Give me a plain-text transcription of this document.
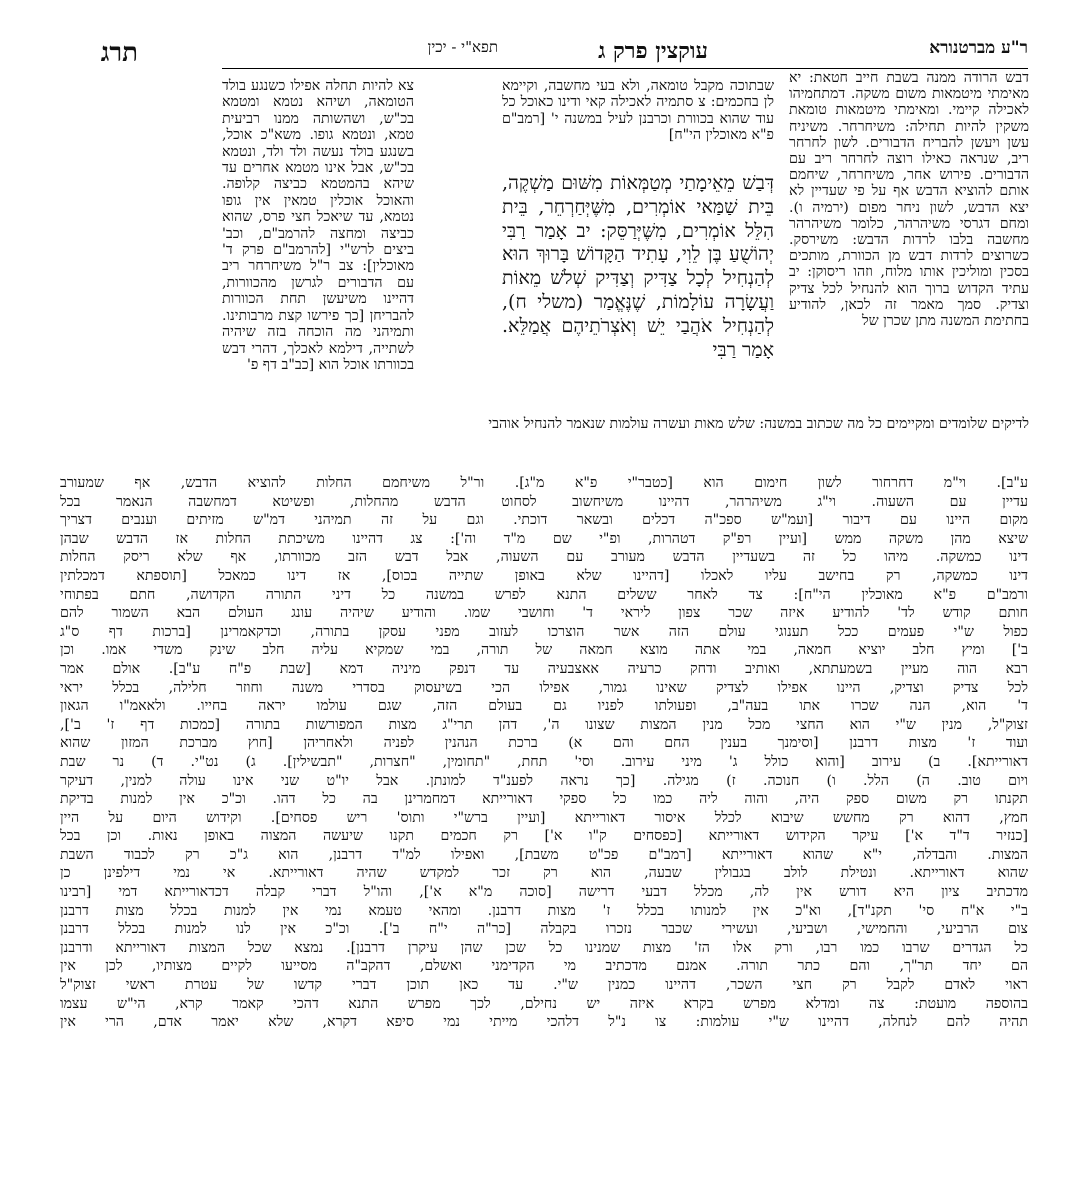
ר"ע מברטנורא
עוקצין פרק ג
תפא"י - יכין
תרג
דבש הרודה ממנה בשבת חייב חטאת: יא מאימתי מיטמאות משום משקה. דמתחמיהו לאכילה קיימי. ומאימתי מיטמאות טומאת משקין להיות תחילה: משיחרחר. משיניח עשן ויעשן להבריח הדבורים. לשון לחרחר ריב, שנראה כאילו רוצה לחרחר ריב עם הדבורים. פירוש אחר, משיחרחר, שיחמם אותם להוציא הדבש אף על פי שעדיין לא יצא הדבש, לשון ניחר מפום (ירמיה ו). ומחם דגרסי משיהרהר, כלומר משיהרהר מחשבה בלבו לרדות הדבש: משירסק. כשרוצים לרדות דבש מן הכוורת, מותכים בסכין ומוליכין אותו מלוח, וזהו ריסוקן: יב עתיד הקדוש ברוך הוא להנחיל לכל צדיק וצדיק. סמך מאמר זה לכאן, להודיע בחתימת המשנה מתן שכרן של
שבתוכה מקבל טומאה, ולא בעי מחשבה, וקיימא לן בחכמים: צ סתמיה לאכילה קאי ודינו כאוכל כל עוד שהוא בכוורת וכרבנן לעיל במשנה י' [רמב"ם פ"א מאוכלין הי"ח]
דְּבַשׁ מֵאֵימָתַי מְטַמְּאוֹת מִשּׁוּם מַשְׁקֶה, בֵּית שַׁמַּאי אוֹמְרִים, מִשֶּׁיְּחַרְחֵר, בֵּית הִלֵּל אוֹמְרִים, מִשֶּׁיְּרַסֵּק: יב אָמַר רַבִּי יְהוֹשֻׁעַ בֶּן לֵוִי, עָתִיד הַקָּדוֹשׁ בָּרוּךְ הוּא לְהַנְחִיל לְכָל צַדִּיק וְצַדִּיק שְׁלֹשׁ מֵאוֹת וַעֲשָׂרָה עוֹלָמוֹת, שֶׁנֶּאֱמַר (משלי ח), לְהַנְחִיל אֹהֲבַי יֵשׁ וְאֹצְרֹתֵיהֶם אֲמַלֵּא. אָמַר רַבִּי
צא להיות תחלה אפילו כשנגע בולד הטומאה, ושיהא נטמא ומטמא בכ"ש, ושהשותה ממנו רביעית טמא, ונטמא גופו. משא"כ אוכל, בשנגע בולד נעשה ולד ולד, ונטמא בכ"ש, אבל אינו מטמא אחרים עד שיהא בהמטמא כביצה קלופה. והאוכל אוכלין טמאין אין גופו נטמא, עד שיאכל חצי פרס, שהוא כביצה ומחצה להרמב"ם, וכב' ביצים לרש"י [להרמב"ם פרק ד' מאוכלין]: צב ר"ל משיחרחר ריב עם הדבורים לגרשן מהכוורות, דהיינו משיעשן תחת הכוורות להבריחן [כך פירשו קצת מרבותינו. ותמיהני מה הוכחה בזה שיהיה לשתייה, דילמא לאכלך, דהרי דבש בכוורתו אוכל הוא [כב"ב דף פ'
לדיקים שלומדים ומקיימים כל מה שכתוב במשנה: שלש מאות ועשרה עולמות שנאמר להנחיל אוהבי
ע"ב]. וי"מ דחרחור לשון חימום הוא [כטבר"י פ"א מ"ג]. ור"ל משיחמם החלות להוציא הדבש, אף שמעורב
עדיין עם השעוה. וי"ג משיהרהר, דהיינו משיחשוב לסחוט הדבש מהחלות, ופשיטא דמחשבה הנאמר בכל
מקום היינו עם דיבור [ועמ"ש ספכ"ה דכלים ובשאר דוכתי. וגם על זה תמיהני דמ"ש מזיתים וענבים דצריך
שיצא מהן משקה ממש [ועיין רפ"ק דטהרות, ופ"י שם מ"ד וה']: צג דהיינו משיכתת החלות אז הדבש שבהן
דינו כמשקה. מיהו כל זה בשעדיין הדבש מעורב עם השעוה, אבל דבש הזב מכוורתו, אף שלא ריסק החלות
דינו כמשקה, רק בחישב עליו לאכלו [דהיינו שלא באופן שתייה בכוס], אז דינו כמאכל [תוספתא דמכלתין
ורמב"ם פ"א מאוכלין הי"ח]: צד לאחר ששלים התנא לפרש במשנה כל דיני התורה הקדושה, חתם בפתוחי
חותם קודש לד' להודיע איזה שכר צפון ליראי ד' וחושבי שמו. והודיע שיהיה עונג העולם הבא השמור להם
כפול ש"י פעמים ככל תענוגי עולם הזה אשר הוצרכו לעזוב מפני עסקן בתורה, וכדקאמרינן [ברכות דף ס"ג
ב'] ומיץ חלב יוציא חמאה, במי אתה מוצא חמאה של תורה, במי שמקיא עליה חלב שינק משדי אמו. וכן
רבא הוה מעיין בשמעתתא, ואותיב ודחק כרעיה אאצבעיה עד דנפק מיניה דמא [שבת פ"ח ע"ב]. אולם אמר
לכל צדיק וצדיק, היינו אפילו לצדיק שאינו גמור, אפילו הכי בשיעסוק בסדרי משנה וחוזר חלילה, בכלל יראי
ד' הוא, הנה שכרו אתו בעה"ב, ופעולתו לפניו גם בעולם הזה, שגם עולמו יראה בחייו. ולאאמ"ו הגאון
זצוק"ל, מנין ש"י הוא החצי מכל מנין המצות שצונו ה', דהן תרי"ג מצות המפורשות בתורה [כמכות דף ז' ב'],
ועוד ז' מצות דרבנן [וסימנך בענין החם והם א) ברכת הנהנין לפניה ולאחריהן [חוץ מברכת המזון שהוא
דאורייתא]. ב) עירוב [והוא כולל ג' מיני עירוב. וסי' תחת, "תחומין, "חצרות, "תבשילין]. ג) נט"י. ד) נר שבת
ויום טוב. ה) הלל. ו) חנוכה. ז) מגילה. [כך נראה לפענ"ד למונתן. אבל יו"ט שני אינו עולה למנין, דעיקר
תקנתו רק משום ספק היה, והוה ליה כמו כל ספקי דאורייתא דמחמרינן בה כל דהו. וכ"כ אין למנות בדיקת
חמץ, דהוא רק מחשש שיבוא לכלל איסור דאורייתא [ועיין ברש"י ותוס' ריש פסחים]. וקידוש היום על היין
[כנזיר ד"ד א'] עיקר הקידוש דאורייתא [כפסחים ק"ו א'] רק חכמים תקנו שיעשה המצוה באופן נאות. וכן בכל
המצות. והבדלה, י"א שהוא דאורייתא [רמב"ם פכ"ט משבת], ואפילו למ"ד דרבנן, הוא ג"כ רק לכבוד השבת
שהוא דאורייתא. ונטילת לולב בגבולין שבעה, הוא רק זכר למקדש שהיה דאורייתא. אי נמי דילפינן כן
מדכתיב ציון היא דורש אין לה, מכלל דבעי דרישה [סוכה מ"א א'], והו"ל דברי קבלה דכדאורייתא דמי [רבינו
ב"י א"ח סי' תקנ"ד], וא"כ אין למנותו בכלל ז' מצות דרבנן. ומהאי טעמא נמי אין למנות בכלל מצות דרבנן
צום הרביעי, והחמישי, ושביעי, ועשירי שכבר נזכרו בקבלה [כר"ה י"ח ב']. וכ"כ אין לנו למנות בכלל דרבנן
כל הגדרים שרבו כמו רבו, ורק אלו הז' מצות שמנינו כל שכן שהן עיקרן דרבנן]. נמצא שכל המצות דאורייתא ודרבנן
הם יחד תר"ך, והם כתר תורה. אמנם מדכתיב מי הקדימני ואשלם, דהקב"ה מסייעו לקיים מצותיו, לכן אין
ראוי לאדם לקבל רק חצי השכר, דהיינו כמנין ש"י. עד כאן תוכן דברי קדשו של עטרת ראשי זצוק"ל
בהוספה מועטת: צה ומדלא מפרש בקרא איזה יש נחילם, לכך מפרש התנא דהכי קאמר קרא, הי"ש עצמו
תהיה להם לנחלה, דהיינו ש"י עולמות: צו נ"ל דלהכי מייתי נמי סיפא דקרא, שלא יאמר אדם, הרי אין
